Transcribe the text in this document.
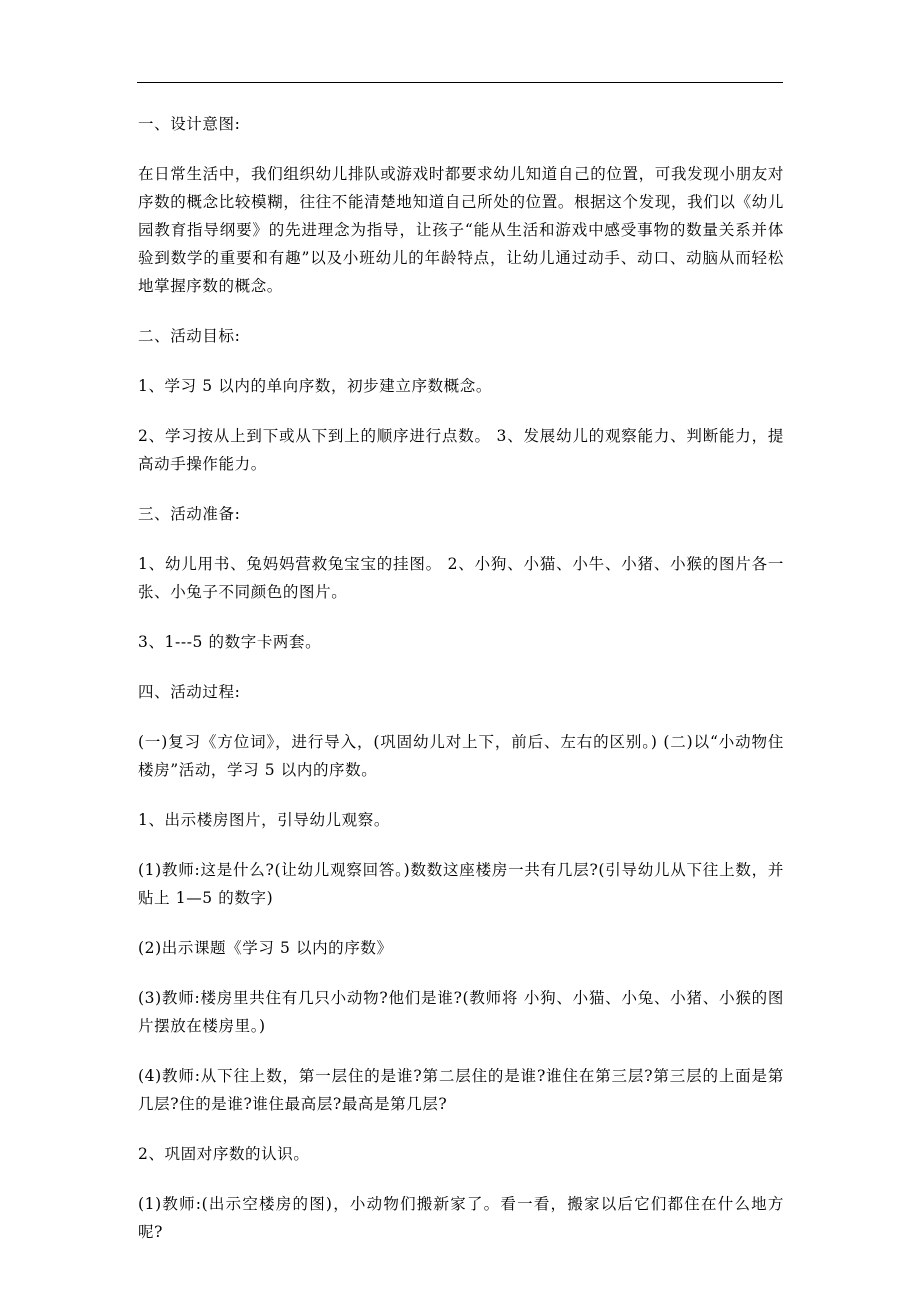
一、设计意图:

在日常生活中，我们组织幼儿排队或游戏时都要求幼儿知道自己的位置，可我发现小朋友对序数的概念比较模糊，往往不能清楚地知道自己所处的位置。根据这个发现，我们以《幼儿园教育指导纲要》的先进理念为指导，让孩子“能从生活和游戏中感受事物的数量关系并体验到数学的重要和有趣”以及小班幼儿的年龄特点，让幼儿通过动手、动口、动脑从而轻松地掌握序数的概念。

二、活动目标:

1、学习 5 以内的单向序数，初步建立序数概念。

2、学习按从上到下或从下到上的顺序进行点数。 3、发展幼儿的观察能力、判断能力，提高动手操作能力。

三、活动准备:

1、幼儿用书、兔妈妈营救兔宝宝的挂图。 2、小狗、小猫、小牛、小猪、小猴的图片各一张、小兔子不同颜色的图片。

3、1---5 的数字卡两套。

四、活动过程:

(一)复习《方位词》，进行导入，(巩固幼儿对上下，前后、左右的区别。) (二)以“小动物住楼房”活动，学习 5 以内的序数。

1、出示楼房图片，引导幼儿观察。

(1)教师:这是什么?(让幼儿观察回答。)数数这座楼房一共有几层?(引导幼儿从下往上数，并贴上 1—5 的数字)

(2)出示课题《学习 5 以内的序数》

(3)教师:楼房里共住有几只小动物?他们是谁?(教师将 小狗、小猫、小兔、小猪、小猴的图片摆放在楼房里。)

(4)教师:从下往上数，第一层住的是谁?第二层住的是谁?谁住在第三层?第三层的上面是第几层?住的是谁?谁住最高层?最高是第几层?

2、巩固对序数的认识。

(1)教师:(出示空楼房的图)，小动物们搬新家了。看一看，搬家以后它们都住在什么地方呢?
